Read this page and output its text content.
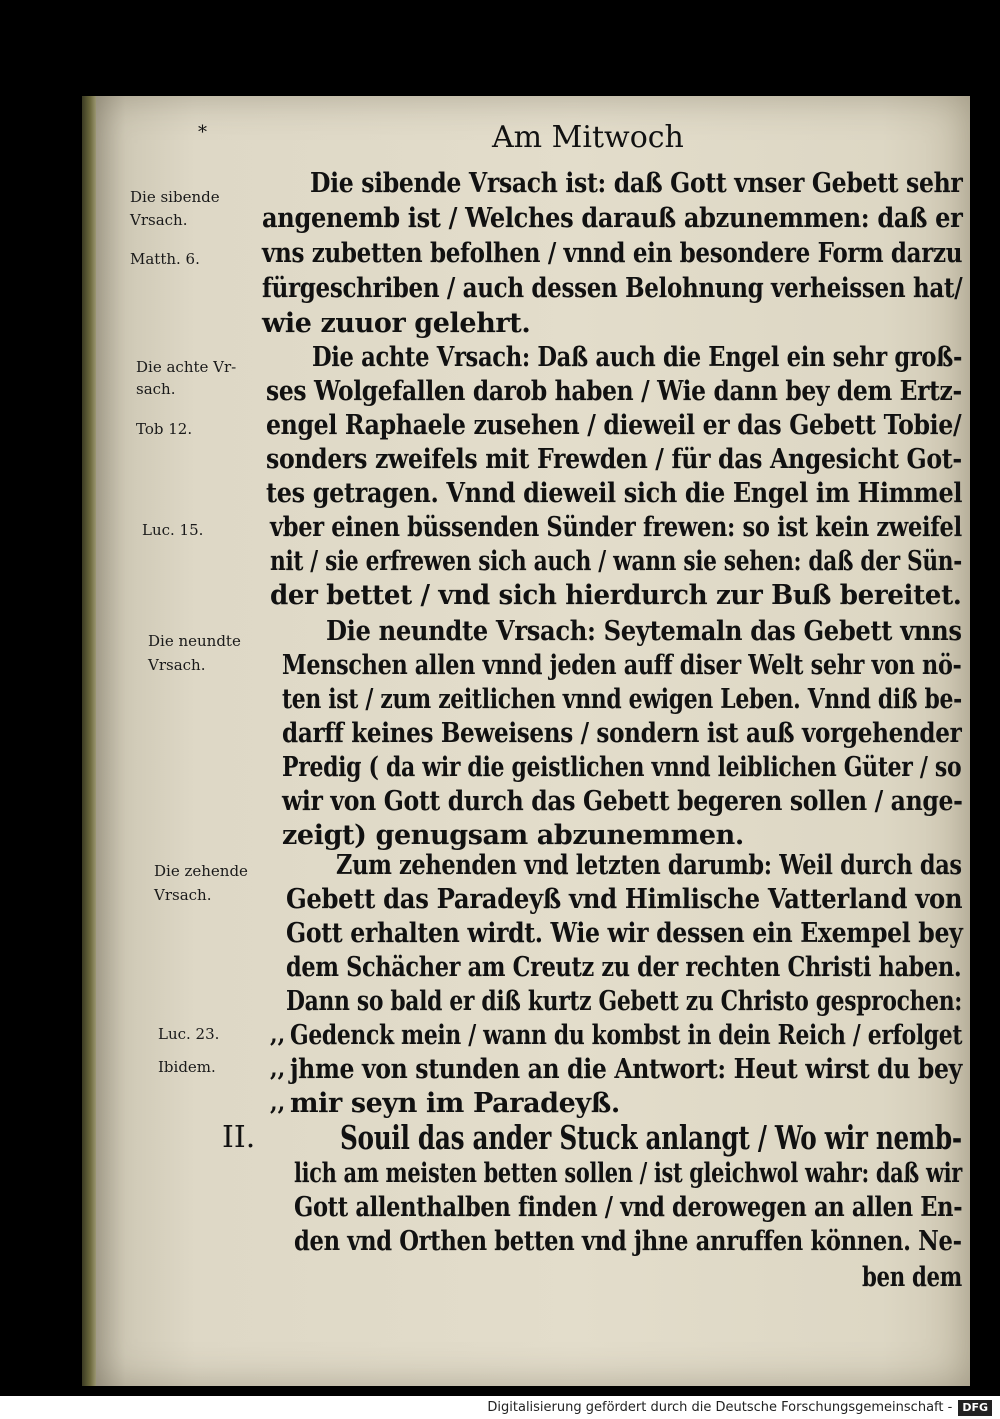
*	Am Mitwoch
Die sibende
Vrsach.
Matth. 6.
Die achte Vr-
sach.
Tob 12.
Luc. 15.
Die neundte
Vrsach.
Die zehende
Vrsach.
Luc. 23.
Ibidem.
II.
Die sibende Vrsach ist: daß Gott vnser Gebett sehr
angenemb ist / Welches darauß abzunemmen: daß er
vns zubetten befolhen / vnnd ein besondere Form darzu
fürgeschriben / auch dessen Belohnung verheissen hat/
wie zuuor gelehrt.
Die achte Vrsach: Daß auch die Engel ein sehr groß-
ses Wolgefallen darob haben / Wie dann bey dem Ertz-
engel Raphaele zusehen / dieweil er das Gebett Tobie/
sonders zweifels mit Frewden / für das Angesicht Got-
tes getragen. Vnnd dieweil sich die Engel im Himmel
vber einen büssenden Sünder frewen: so ist kein zweifel
nit / sie erfrewen sich auch / wann sie sehen: daß der Sün-
der bettet / vnd sich hierdurch zur Buß bereitet.
Die neundte Vrsach: Seytemaln das Gebett vnns
Menschen allen vnnd jeden auff diser Welt sehr von nö-
ten ist / zum zeitlichen vnnd ewigen Leben. Vnnd diß be-
darff keines Beweisens / sondern ist auß vorgehender
Predig ( da wir die geistlichen vnnd leiblichen Güter / so
wir von Gott durch das Gebett begeren sollen / ange-
zeigt) genugsam abzunemmen.
Zum zehenden vnd letzten darumb: Weil durch das
Gebett das Paradeyß vnd Himlische Vatterland von
Gott erhalten wirdt. Wie wir dessen ein Exempel bey
dem Schächer am Creutz zu der rechten Christi haben.
Dann so bald er diß kurtz Gebett zu Christo gesprochen:
,, Gedenck mein / wann du kombst in dein Reich / erfolget
,, jhme von stunden an die Antwort: Heut wirst du bey
,, mir seyn im Paradeyß.
Souil das ander Stuck anlangt / Wo wir nemb-
lich am meisten betten sollen / ist gleichwol wahr: daß wir
Gott allenthalben finden / vnd derowegen an allen En-
den vnd Orthen betten vnd jhne anruffen können. Ne-
ben dem
Digitalisierung gefördert durch die Deutsche Forschungsgemeinschaft - DFG
